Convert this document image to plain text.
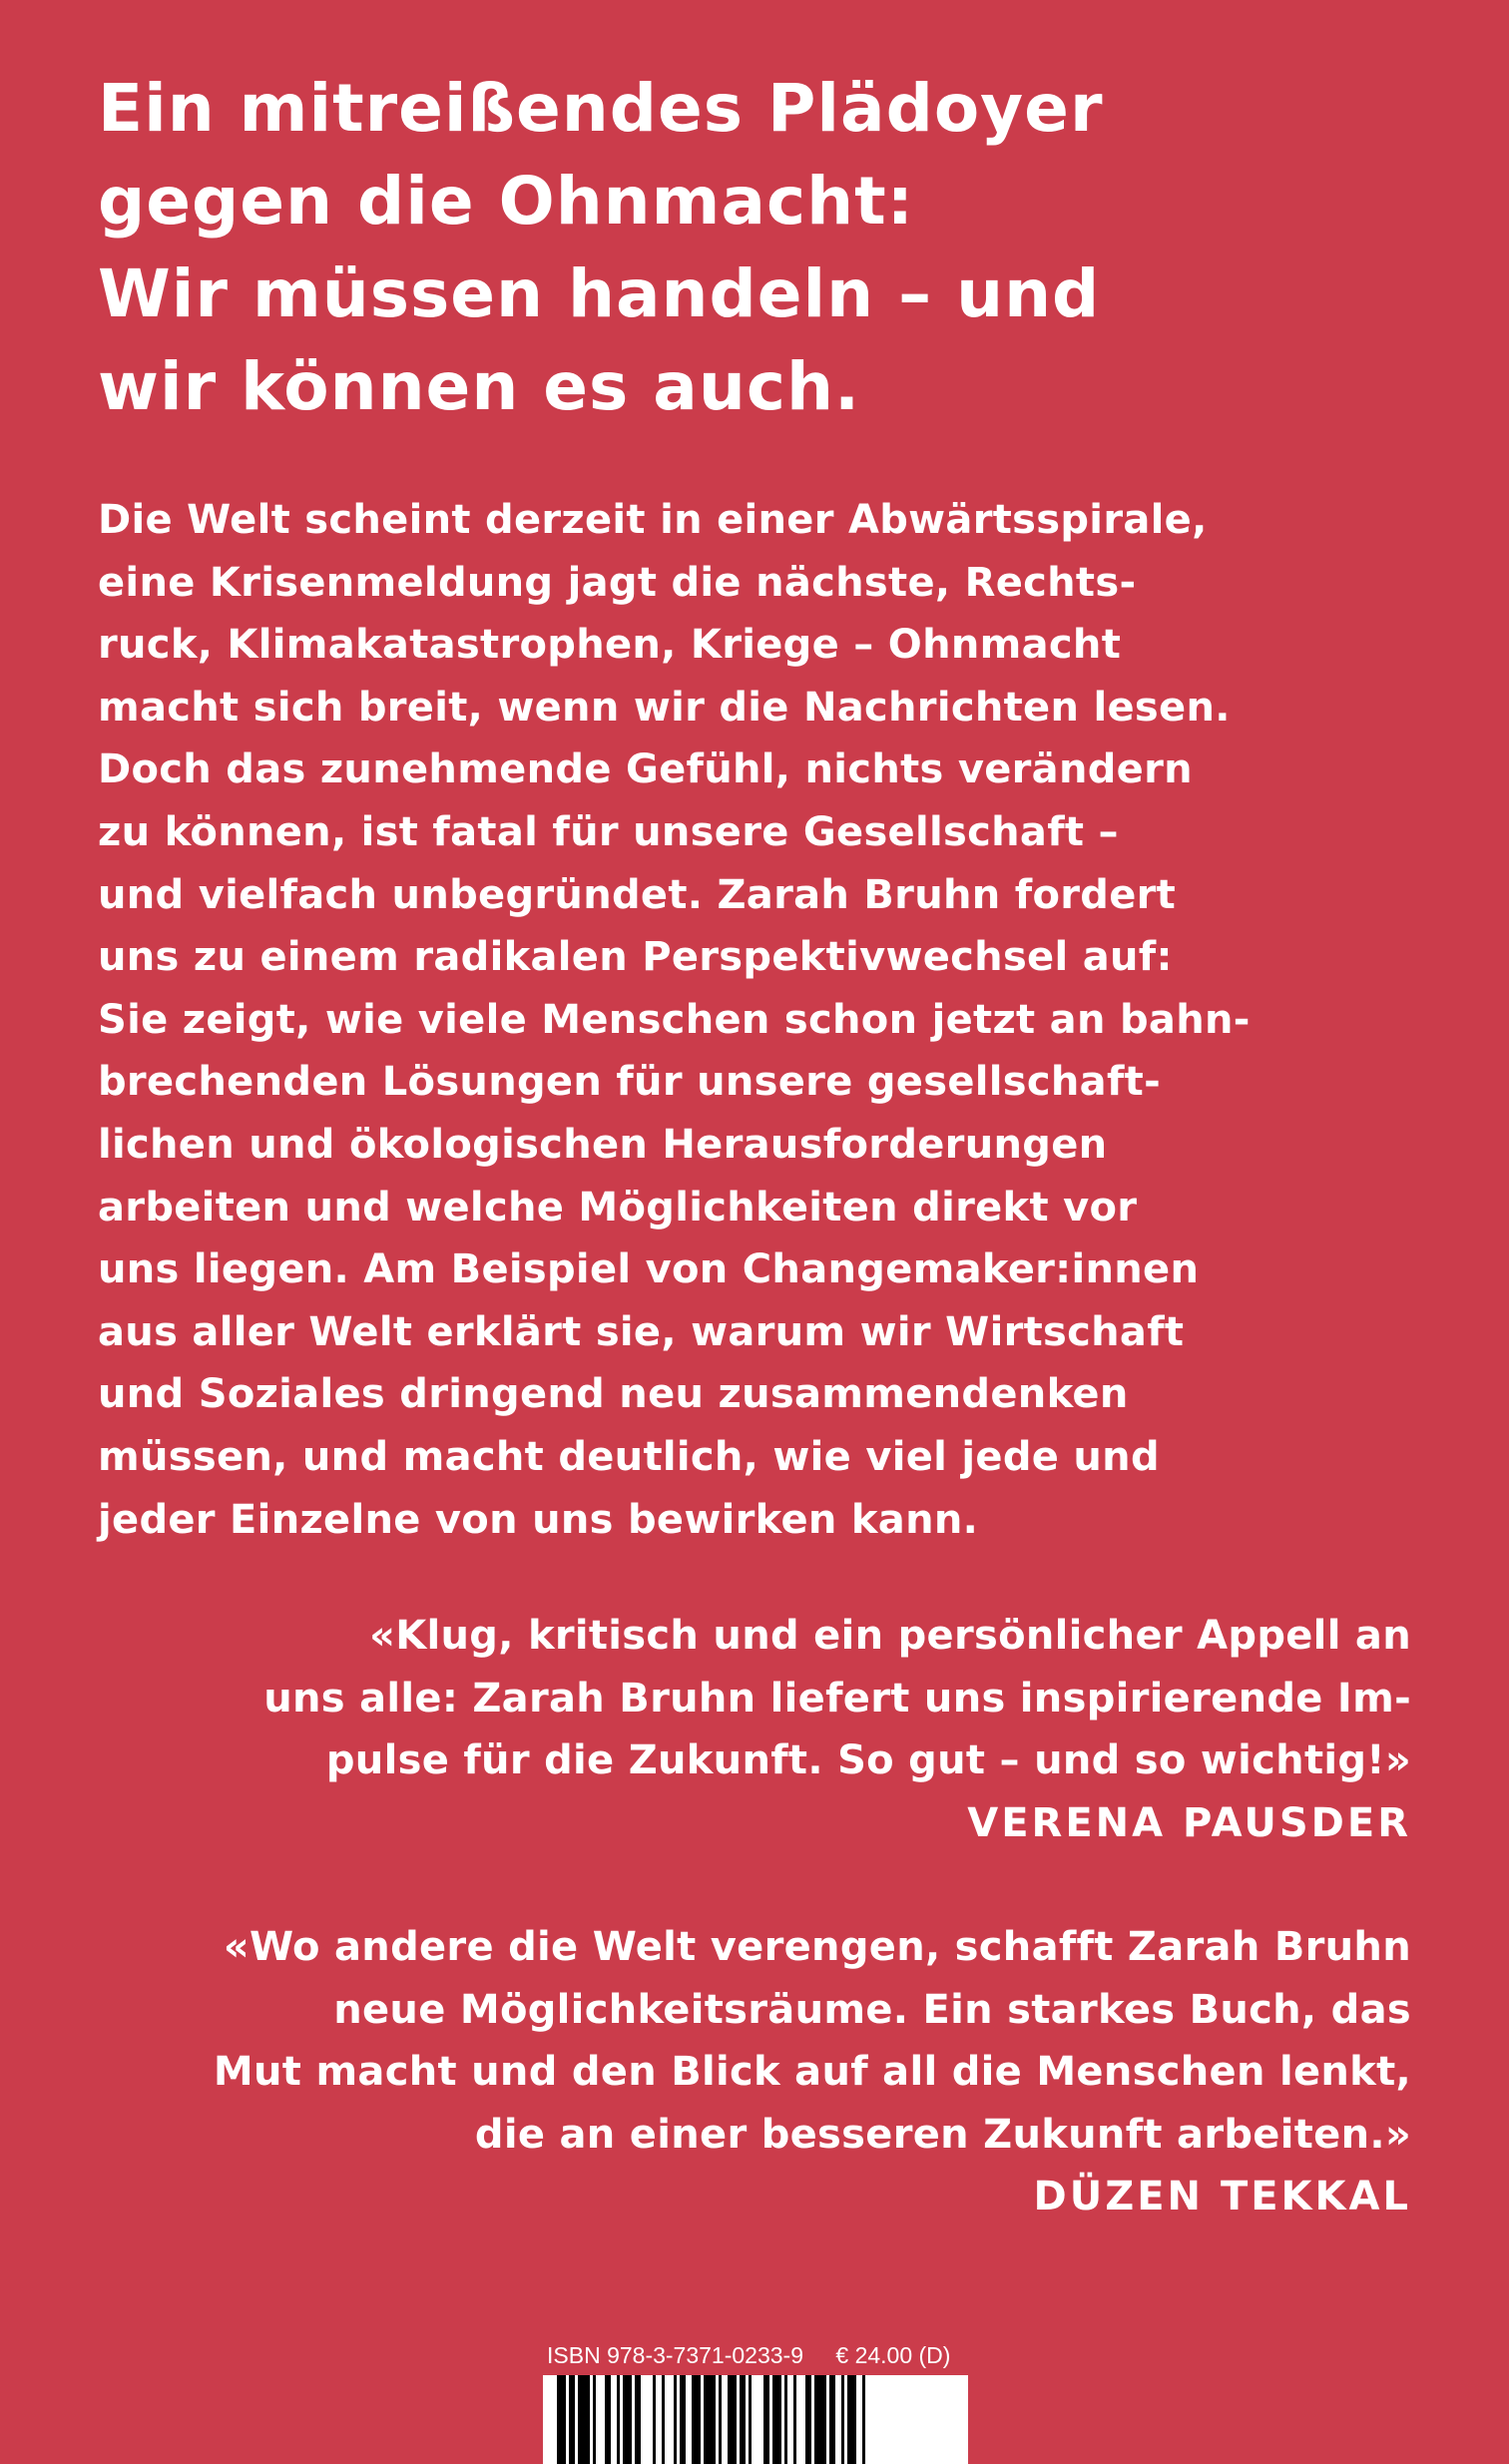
Ein mitreißendes Plädoyer
gegen die Ohnmacht:
Wir müssen handeln – und
wir können es auch.
Die Welt scheint derzeit in einer Abwärtsspirale,
eine Krisenmeldung jagt die nächste, Rechts-
ruck, Klimakatastrophen, Kriege – Ohnmacht
macht sich breit, wenn wir die Nachrichten lesen.
Doch das zunehmende Gefühl, nichts verändern
zu können, ist fatal für unsere Gesellschaft –
und vielfach unbegründet. Zarah Bruhn fordert
uns zu einem radikalen Perspektivwechsel auf:
Sie zeigt, wie viele Menschen schon jetzt an bahn-
brechenden Lösungen für unsere gesellschaft-
lichen und ökologischen Herausforderungen
arbeiten und welche Möglichkeiten direkt vor
uns liegen. Am Beispiel von Changemaker:innen
aus aller Welt erklärt sie, warum wir Wirtschaft
und Soziales dringend neu zusammendenken
müssen, und macht deutlich, wie viel jede und
jeder Einzelne von uns bewirken kann.
«Klug, kritisch und ein persönlicher Appell an
uns alle: Zarah Bruhn liefert uns inspirierende Im-
pulse für die Zukunft. So gut – und so wichtig!»
VERENA PAUSDER
«Wo andere die Welt verengen, schafft Zarah Bruhn
neue Möglichkeitsräume. Ein starkes Buch, das
Mut macht und den Blick auf all die Menschen lenkt,
die an einer besseren Zukunft arbeiten.»
DÜZEN TEKKAL
ISBN 978-3-7371-0233-9 € 24.00 (D)
